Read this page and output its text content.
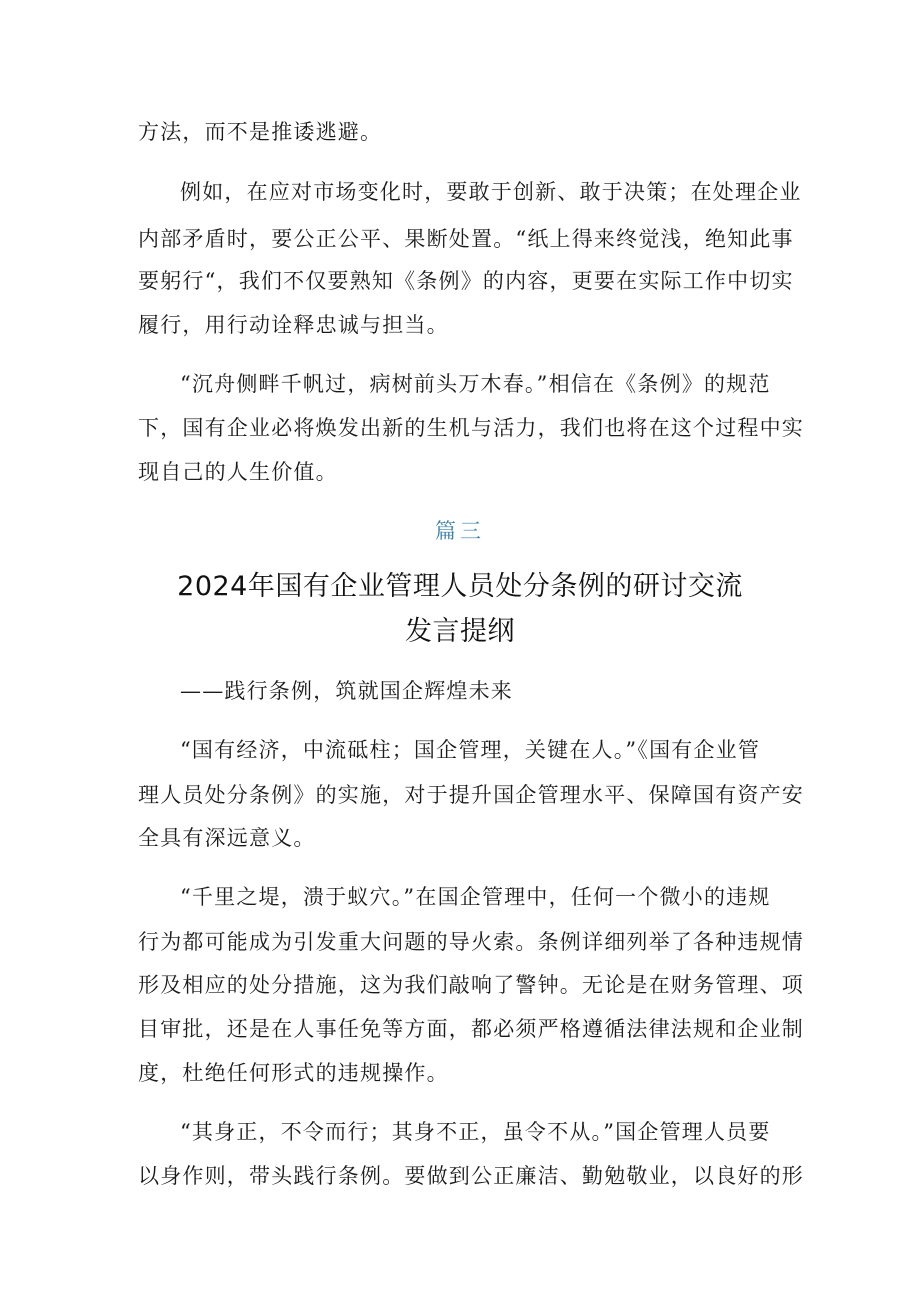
方法，而不是推诿逃避。
例如，在应对市场变化时，要敢于创新、敢于决策；在处理企业
内部矛盾时，要公正公平、果断处置。“纸上得来终觉浅，绝知此事
要躬行“，我们不仅要熟知《条例》的内容，更要在实际工作中切实
履行，用行动诠释忠诚与担当。
“沉舟侧畔千帆过，病树前头万木春。”相信在《条例》的规范
下，国有企业必将焕发出新的生机与活力，我们也将在这个过程中实
现自己的人生价值。
篇三
2024年国有企业管理人员处分条例的研讨交流
发言提纲
——践行条例，筑就国企辉煌未来
“国有经济，中流砥柱；国企管理，关键在人。”《国有企业管
理人员处分条例》的实施，对于提升国企管理水平、保障国有资产安
全具有深远意义。
“千里之堤，溃于蚁穴。”在国企管理中，任何一个微小的违规
行为都可能成为引发重大问题的导火索。条例详细列举了各种违规情
形及相应的处分措施，这为我们敲响了警钟。无论是在财务管理、项
目审批，还是在人事任免等方面，都必须严格遵循法律法规和企业制
度，杜绝任何形式的违规操作。
“其身正，不令而行；其身不正，虽令不从。”国企管理人员要
以身作则，带头践行条例。要做到公正廉洁、勤勉敬业，以良好的形
